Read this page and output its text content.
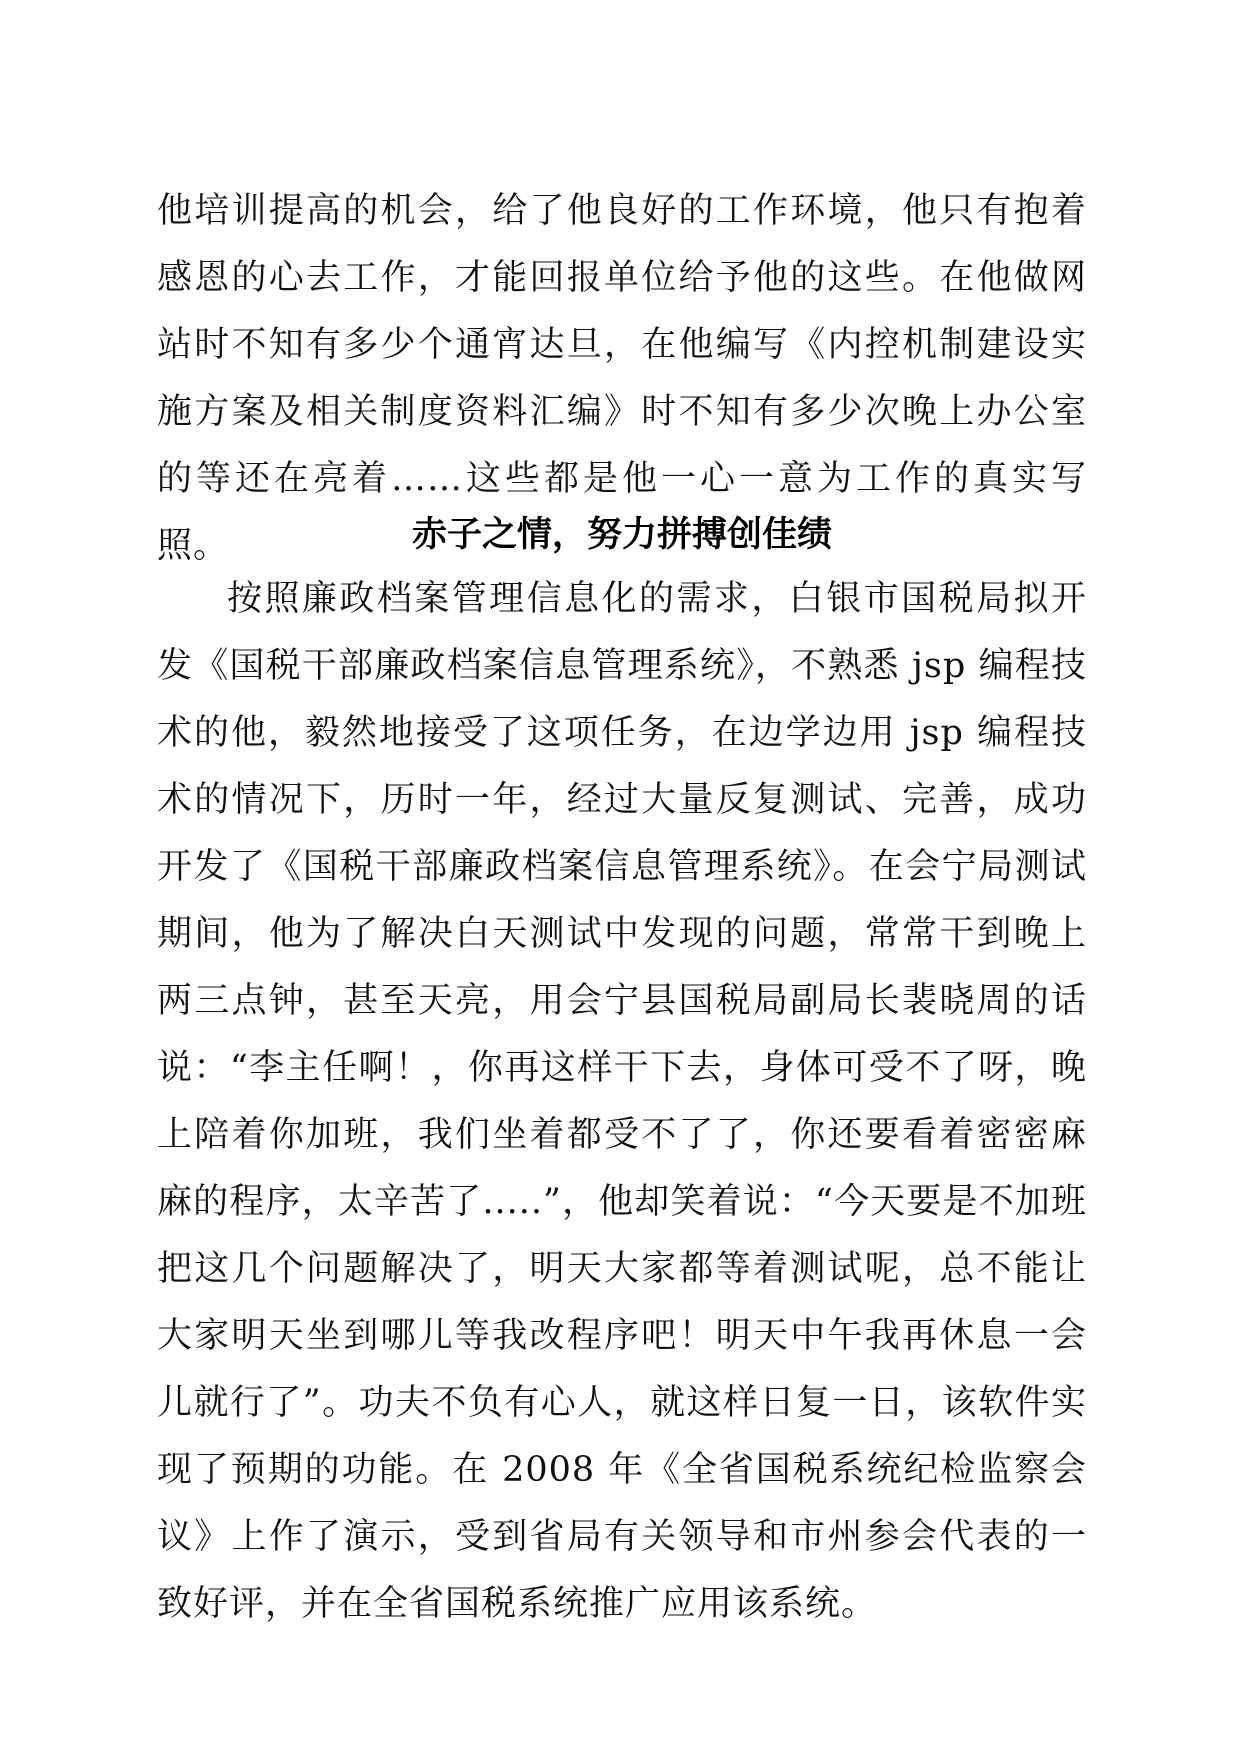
他培训提高的机会，给了他良好的工作环境，他只有抱着感恩的心去工作，才能回报单位给予他的这些。在他做网站时不知有多少个通宵达旦，在他编写《内控机制建设实施方案及相关制度资料汇编》时不知有多少次晚上办公室的等还在亮着……这些都是他一心一意为工作的真实写照。	赤子之情，努力拼搏创佳绩
按照廉政档案管理信息化的需求，白银市国税局拟开发《国税干部廉政档案信息管理系统》，不熟悉 jsp 编程技术的他，毅然地接受了这项任务，在边学边用 jsp 编程技术的情况下，历时一年，经过大量反复测试、完善，成功开发了《国税干部廉政档案信息管理系统》。在会宁局测试期间，他为了解决白天测试中发现的问题，常常干到晚上两三点钟，甚至天亮，用会宁县国税局副局长裴晓周的话说：“李主任啊！，你再这样干下去，身体可受不了呀，晚上陪着你加班，我们坐着都受不了了，你还要看着密密麻麻的程序，太辛苦了.....”，他却笑着说：“今天要是不加班把这几个问题解决了，明天大家都等着测试呢，总不能让大家明天坐到哪儿等我改程序吧！明天中午我再休息一会儿就行了”。功夫不负有心人，就这样日复一日，该软件实现了预期的功能。在 2008 年《全省国税系统纪检监察会议》上作了演示，受到省局有关领导和市州参会代表的一致好评，并在全省国税系统推广应用该系统。
